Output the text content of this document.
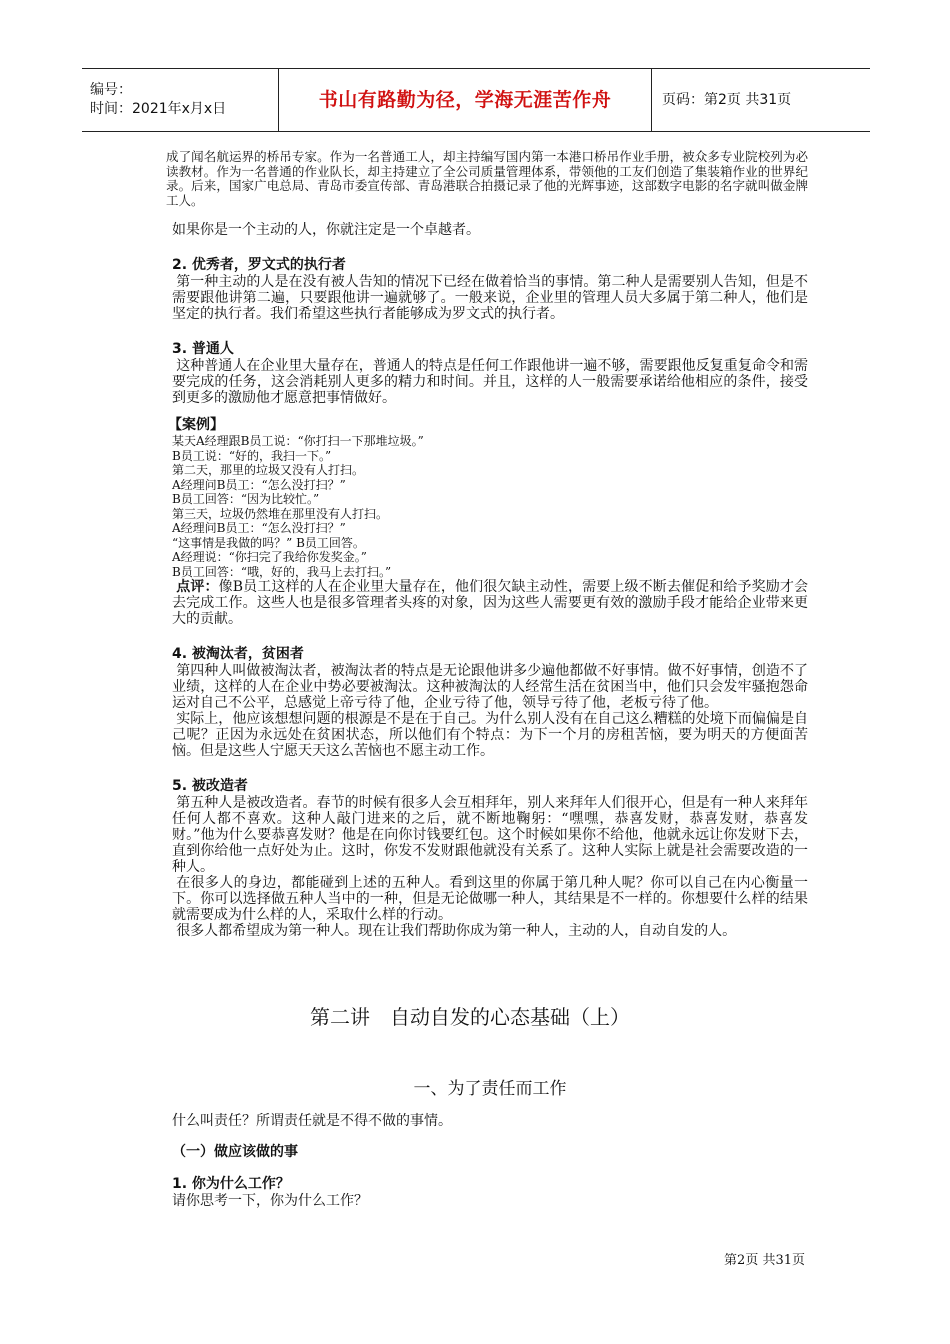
编号：
时间：2021年x月x日	书山有路勤为径，学海无涯苦作舟	页码：第2页 共31页

成了闻名航运界的桥吊专家。作为一名普通工人，却主持编写国内第一本港口桥吊作业手册，被众多专业院校列为必读教材。作为一名普通的作业队长，却主持建立了全公司质量管理体系，带领他的工友们创造了集装箱作业的世界纪录。后来，国家广电总局、青岛市委宣传部、青岛港联合拍摄记录了他的光辉事迹，这部数字电影的名字就叫做金牌工人。

如果你是一个主动的人，你就注定是一个卓越者。

2. 优秀者，罗文式的执行者

第一种主动的人是在没有被人告知的情况下已经在做着恰当的事情。第二种人是需要别人告知，但是不需要跟他讲第二遍，只要跟他讲一遍就够了。一般来说，企业里的管理人员大多属于第二种人，他们是坚定的执行者。我们希望这些执行者能够成为罗文式的执行者。

3. 普通人

这种普通人在企业里大量存在，普通人的特点是任何工作跟他讲一遍不够，需要跟他反复重复命令和需要完成的任务，这会消耗别人更多的精力和时间。并且，这样的人一般需要承诺给他相应的条件，接受到更多的激励他才愿意把事情做好。

【案例】

某天A经理跟B员工说：“你打扫一下那堆垃圾。”

B员工说：“好的，我扫一下。”

第二天，那里的垃圾又没有人打扫。

A经理问B员工：“怎么没打扫？”

B员工回答：“因为比较忙。”

第三天，垃圾仍然堆在那里没有人打扫。

A经理问B员工：“怎么没打扫？”

“这事情是我做的吗？” B员工回答。

A经理说：“你扫完了我给你发奖金。”

B员工回答：“哦，好的，我马上去打扫。”

点评：像B员工这样的人在企业里大量存在，他们很欠缺主动性，需要上级不断去催促和给予奖励才会去完成工作。这些人也是很多管理者头疼的对象，因为这些人需要更有效的激励手段才能给企业带来更大的贡献。

4. 被淘汰者，贫困者

第四种人叫做被淘汰者，被淘汰者的特点是无论跟他讲多少遍他都做不好事情。做不好事情，创造不了业绩，这样的人在企业中势必要被淘汰。这种被淘汰的人经常生活在贫困当中，他们只会发牢骚抱怨命运对自己不公平，总感觉上帝亏待了他，企业亏待了他，领导亏待了他，老板亏待了他。

实际上，他应该想想问题的根源是不是在于自己。为什么别人没有在自己这么糟糕的处境下而偏偏是自己呢？正因为永远处在贫困状态，所以他们有个特点：为下一个月的房租苦恼，要为明天的方便面苦恼。但是这些人宁愿天天这么苦恼也不愿主动工作。

5. 被改造者

第五种人是被改造者。春节的时候有很多人会互相拜年，别人来拜年人们很开心，但是有一种人来拜年任何人都不喜欢。这种人敲门进来的之后，就不断地鞠躬：“嘿嘿，恭喜发财，恭喜发财，恭喜发财。”他为什么要恭喜发财？他是在向你讨钱要红包。这个时候如果你不给他，他就永远让你发财下去，直到你给他一点好处为止。这时，你发不发财跟他就没有关系了。这种人实际上就是社会需要改造的一种人。

在很多人的身边，都能碰到上述的五种人。看到这里的你属于第几种人呢？你可以自己在内心衡量一下。你可以选择做五种人当中的一种，但是无论做哪一种人，其结果是不一样的。你想要什么样的结果就需要成为什么样的人，采取什么样的行动。

很多人都希望成为第一种人。现在让我们帮助你成为第一种人，主动的人，自动自发的人。

第二讲　自动自发的心态基础（上）

一、为了责任而工作

什么叫责任？所谓责任就是不得不做的事情。

（一）做应该做的事

1. 你为什么工作？

请你思考一下，你为什么工作？

第2页 共31页
